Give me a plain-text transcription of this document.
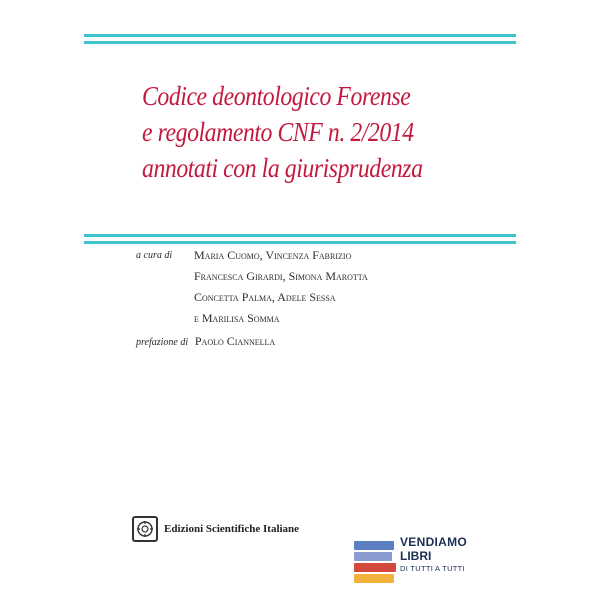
Codice deontologico Forense
e regolamento CNF n. 2/2014
annotati con la giurisprudenza
a cura di Maria Cuomo, Vincenza Fabrizio
Francesca Girardi, Simona Marotta
Concetta Palma, Adele Sessa
e Marilisa Somma
prefazione di Paolo Ciannella
Edizioni Scientifiche Italiane
VENDIAMO
LIBRI
DI TUTTI A TUTTI
